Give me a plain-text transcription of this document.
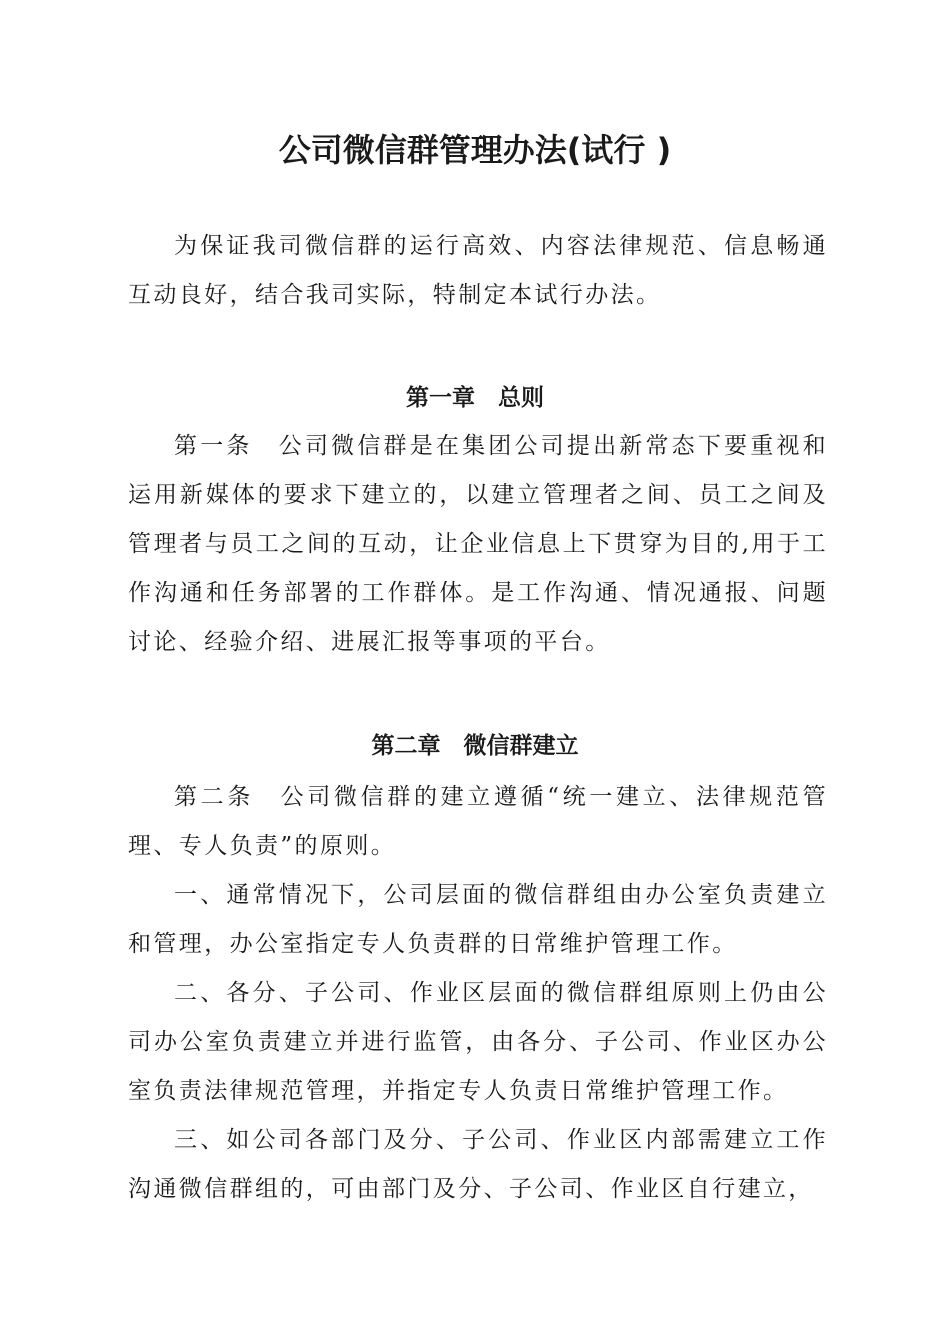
公司微信群管理办法(试行 )

为保证我司微信群的运行高效、内容法律规范、信息畅通互动良好，结合我司实际，特制定本试行办法。

第一章　总则

第一条　公司微信群是在集团公司提出新常态下要重视和运用新媒体的要求下建立的，以建立管理者之间、员工之间及管理者与员工之间的互动，让企业信息上下贯穿为目的,用于工作沟通和任务部署的工作群体。是工作沟通、情况通报、问题讨论、经验介绍、进展汇报等事项的平台。

第二章　微信群建立

第二条　公司微信群的建立遵循“统一建立、法律规范管理、专人负责”的原则。

一、通常情况下，公司层面的微信群组由办公室负责建立和管理，办公室指定专人负责群的日常维护管理工作。

二、各分、子公司、作业区层面的微信群组原则上仍由公司办公室负责建立并进行监管，由各分、子公司、作业区办公室负责法律规范管理，并指定专人负责日常维护管理工作。

三、如公司各部门及分、子公司、作业区内部需建立工作沟通微信群组的，可由部门及分、子公司、作业区自行建立，
